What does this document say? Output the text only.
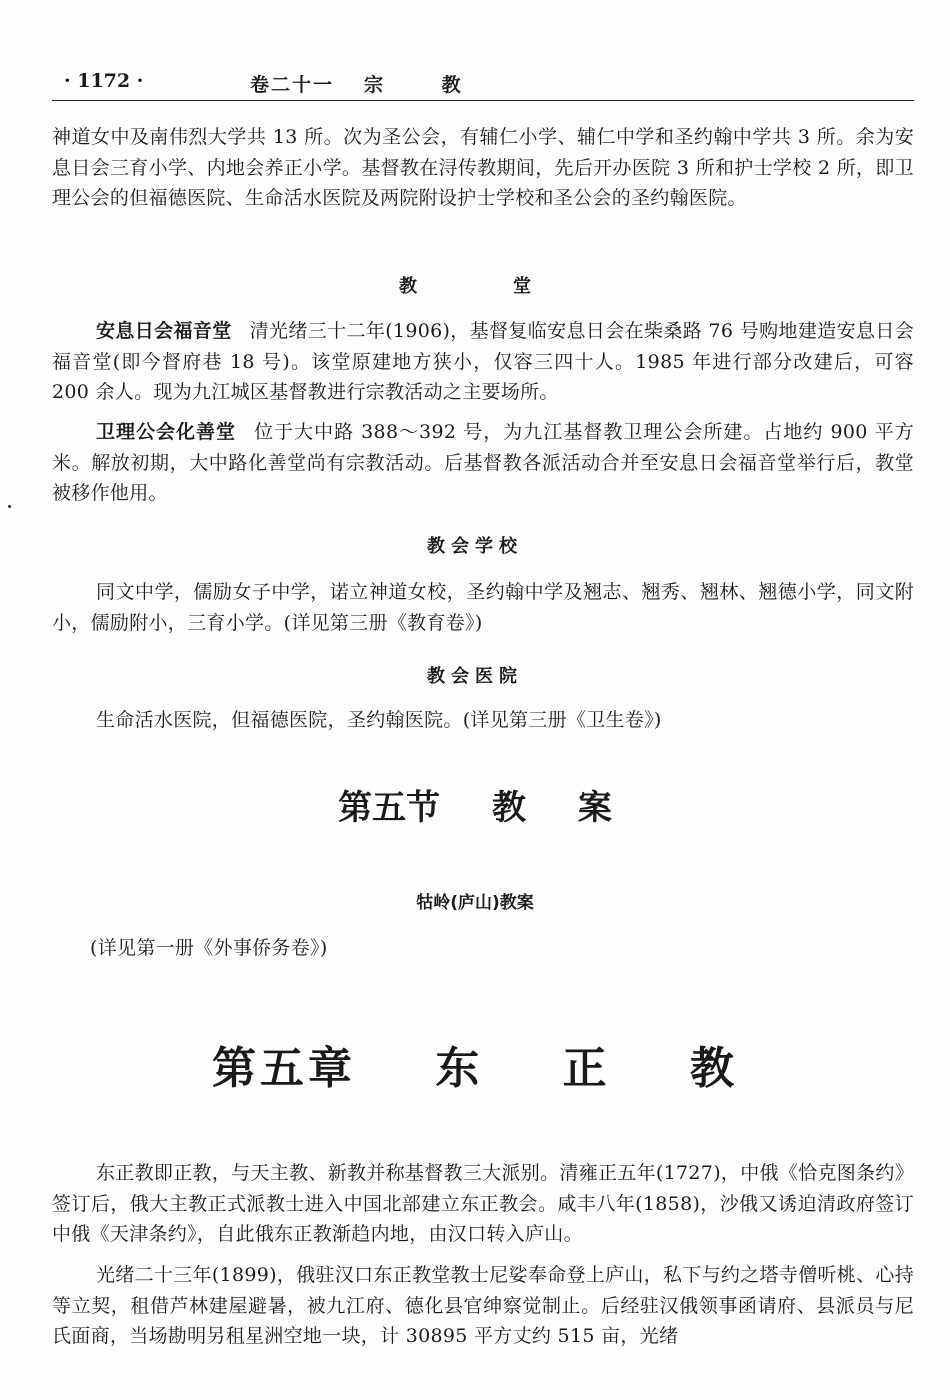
· 1172 ·	卷二十一 宗 教

神道女中及南伟烈大学共 13 所。次为圣公会，有辅仁小学、辅仁中学和圣约翰中学共 3 所。余为安息日会三育小学、内地会养正小学。基督教在浔传教期间，先后开办医院 3 所和护士学校 2 所，即卫理公会的但福德医院、生命活水医院及两院附设护士学校和圣公会的圣约翰医院。

教　　堂

安息日会福音堂 清光绪三十二年(1906)，基督复临安息日会在柴桑路 76 号购地建造安息日会福音堂(即今督府巷 18 号)。该堂原建地方狭小，仅容三四十人。1985 年进行部分改建后，可容 200 余人。现为九江城区基督教进行宗教活动之主要场所。

卫理公会化善堂 位于大中路 388～392 号，为九江基督教卫理公会所建。占地约 900 平方米。解放初期，大中路化善堂尚有宗教活动。后基督教各派活动合并至安息日会福音堂举行后，教堂被移作他用。

教会学校

同文中学，儒励女子中学，诺立神道女校，圣约翰中学及翘志、翘秀、翘林、翘德小学，同文附小，儒励附小，三育小学。(详见第三册《教育卷》)

教会医院

生命活水医院，但福德医院，圣约翰医院。(详见第三册《卫生卷》)

第五节 教 案
牯岭(庐山)教案

(详见第一册《外事侨务卷》)

第五章 东 正 教

东正教即正教，与天主教、新教并称基督教三大派别。清雍正五年(1727)，中俄《恰克图条约》签订后，俄大主教正式派教士进入中国北部建立东正教会。咸丰八年(1858)，沙俄又诱迫清政府签订中俄《天津条约》，自此俄东正教渐趋内地，由汉口转入庐山。

光绪二十三年(1899)，俄驻汉口东正教堂教士尼娑奉命登上庐山，私下与约之塔寺僧听桃、心持等立契，租借芦林建屋避暑，被九江府、德化县官绅察觉制止。后经驻汉俄领事函请府、县派员与尼氏面商，当场勘明另租星洲空地一块，计 30895 平方丈约 515 亩，光绪
